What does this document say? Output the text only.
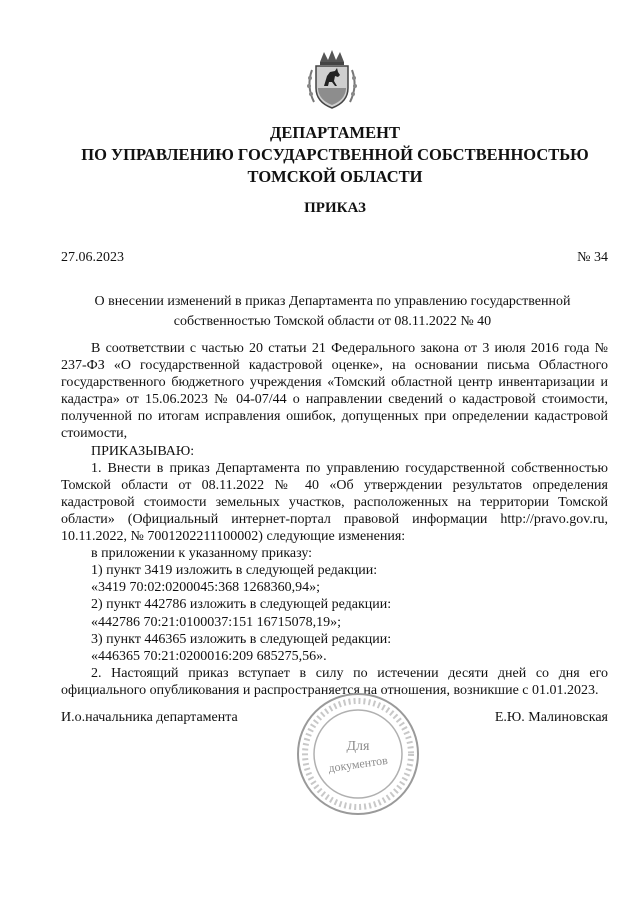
ДЕПАРТАМЕНТ
ПО УПРАВЛЕНИЮ ГОСУДАРСТВЕННОЙ СОБСТВЕННОСТЬЮ
ТОМСКОЙ ОБЛАСТИ
ПРИКАЗ
27.06.2023	№ 34
О внесении изменений в приказ Департамента по управлению государственной
собственностью Томской области от 08.11.2022 № 40

В соответствии с частью 20 статьи 21 Федерального закона от 3 июля 2016 года № 237-ФЗ «О государственной кадастровой оценке», на основании письма Областного государственного бюджетного учреждения «Томский областной центр инвентаризации и кадастра» от 15.06.2023 № 04-07/44 о направлении сведений о кадастровой стоимости, полученной по итогам исправления ошибок, допущенных при определении кадастровой стоимости,

ПРИКАЗЫВАЮ:

1. Внести в приказ Департамента по управлению государственной собственностью Томской области от 08.11.2022 № 40 «Об утверждении результатов определения кадастровой стоимости земельных участков, расположенных на территории Томской области» (Официальный интернет-портал правовой информации http://pravo.gov.ru, 10.11.2022, № 7001202211100002) следующие изменения:

в приложении к указанному приказу:

1) пункт 3419 изложить в следующей редакции:

«3419 70:02:0200045:368 1268360,94»;

2) пункт 442786 изложить в следующей редакции:

«442786 70:21:0100037:151 16715078,19»;

3) пункт 446365 изложить в следующей редакции:

«446365 70:21:0200016:209 685275,56».

2. Настоящий приказ вступает в силу по истечении десяти дней со дня его официального опубликования и распространяется на отношения, возникшие с 01.01.2023.

И.о.начальника департамента	Е.Ю. Малиновская
Для
документов
